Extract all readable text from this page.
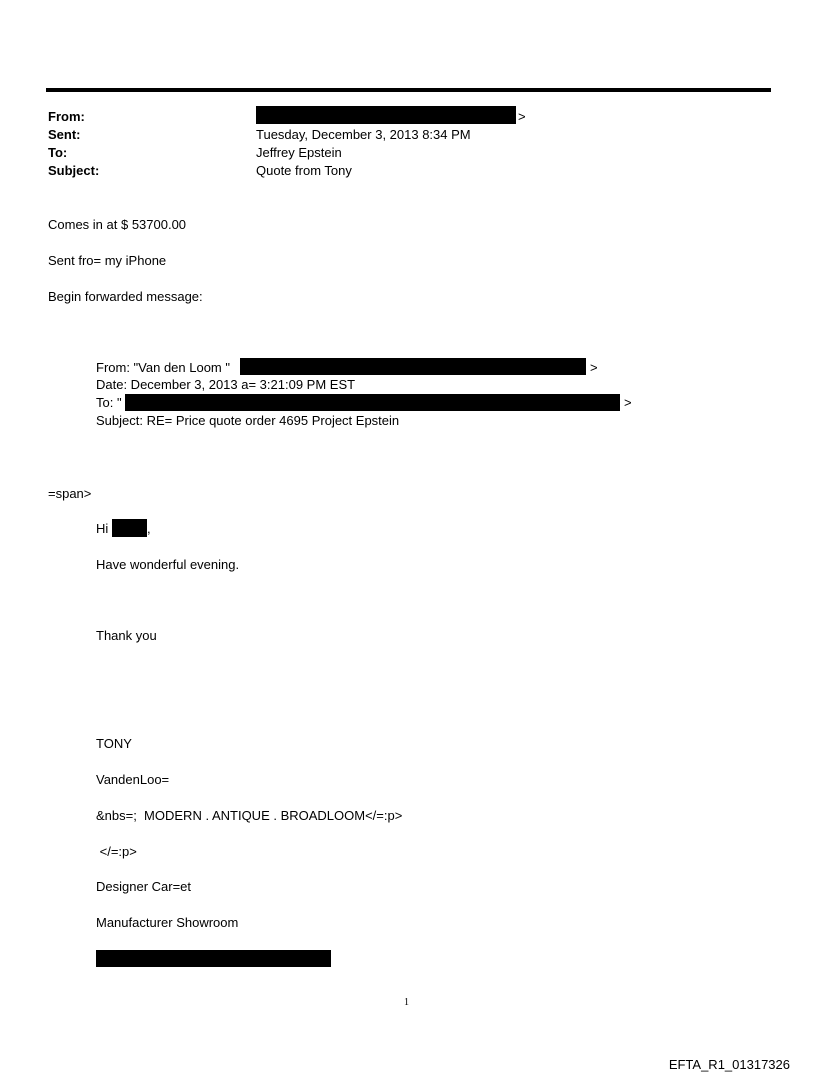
From:	>
Sent:	Tuesday, December 3, 2013 8:34 PM
To:	Jeffrey Epstein
Subject:	Quote from Tony
Comes in at $ 53700.00
Sent fro= my iPhone
Begin forwarded message:
From: "Van den Loom "	>
Date: December 3, 2013 a= 3:21:09 PM EST
To: "	>
Subject: RE= Price quote order 4695 Project Epstein
=span>
Hi	,
Have wonderful evening.
Thank you
TONY
VandenLoo=
&nbs=;  MODERN . ANTIQUE . BROADLOOM</=:p>
</=:p>
Designer Car=et
Manufacturer Showroom
1
EFTA_R1_01317326
